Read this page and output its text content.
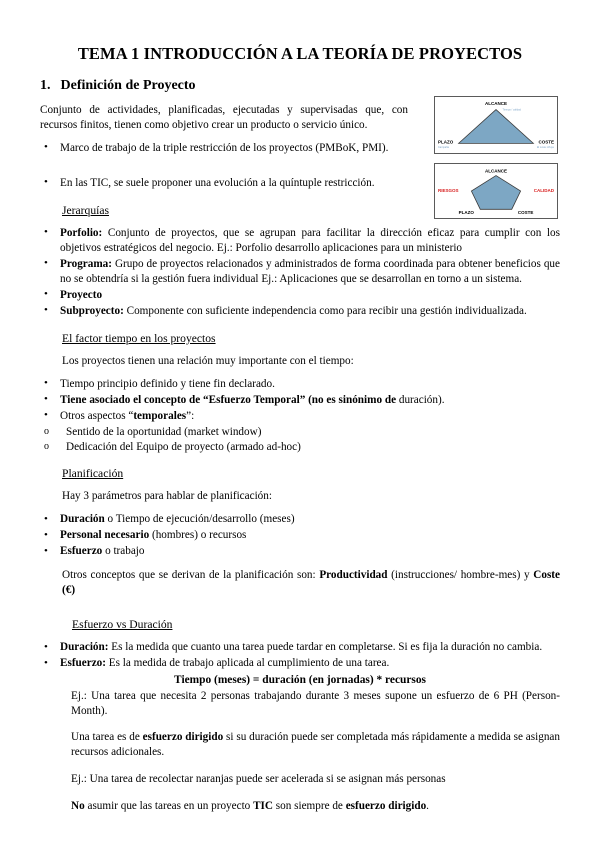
TEMA 1 INTRODUCCIÓN A LA TEORÍA DE PROYECTOS
1. Definición de Proyecto
ALCANCE
Tiempo / calidad
PLAZO
Campaña
COSTE
El coste influye
ALCANCE
RIESGOS	CALIDAD
PLAZO	COSTE
Conjunto de actividades, planificadas, ejecutadas y supervisadas que, con recursos finitos, tienen como objetivo crear un producto o servicio único.
• Marco de trabajo de la triple restricción de los proyectos (PMBoK, PMI).
• En las TIC, se suele proponer una evolución a la quíntuple restricción.
Jerarquías
• Porfolio: Conjunto de proyectos, que se agrupan para facilitar la dirección eficaz para cumplir con los objetivos estratégicos del negocio. Ej.: Porfolio desarrollo aplicaciones para un ministerio
• Programa: Grupo de proyectos relacionados y administrados de forma coordinada para obtener beneficios que no se obtendría si la gestión fuera individual Ej.: Aplicaciones que se desarrollan en torno a un sistema.
• Proyecto
• Subproyecto: Componente con suficiente independencia como para recibir una gestión individualizada.
El factor tiempo en los proyectos
Los proyectos tienen una relación muy importante con el tiempo:
• Tiempo principio definido y tiene fin declarado.
• Tiene asociado el concepto de “Esfuerzo Temporal” (no es sinónimo de duración).
• Otros aspectos “temporales”:
o Sentido de la oportunidad (market window)
o Dedicación del Equipo de proyecto (armado ad-hoc)
Planificación
Hay 3 parámetros para hablar de planificación:
• Duración o Tiempo de ejecución/desarrollo (meses)
• Personal necesario (hombres) o recursos
• Esfuerzo o trabajo
Otros conceptos que se derivan de la planificación son: Productividad (instrucciones/ hombre-mes) y Coste (€)
Esfuerzo vs Duración
• Duración: Es la medida que cuanto una tarea puede tardar en completarse. Si es fija la duración no cambia.
• Esfuerzo: Es la medida de trabajo aplicada al cumplimiento de una tarea.
Tiempo (meses) = duración (en jornadas) * recursos
Ej.: Una tarea que necesita 2 personas trabajando durante 3 meses supone un esfuerzo de 6 PH (Person-Month).
Una tarea es de esfuerzo dirigido si su duración puede ser completada más rápidamente a medida se asignan recursos adicionales.
Ej.: Una tarea de recolectar naranjas puede ser acelerada si se asignan más personas
No asumir que las tareas en un proyecto TIC son siempre de esfuerzo dirigido.
